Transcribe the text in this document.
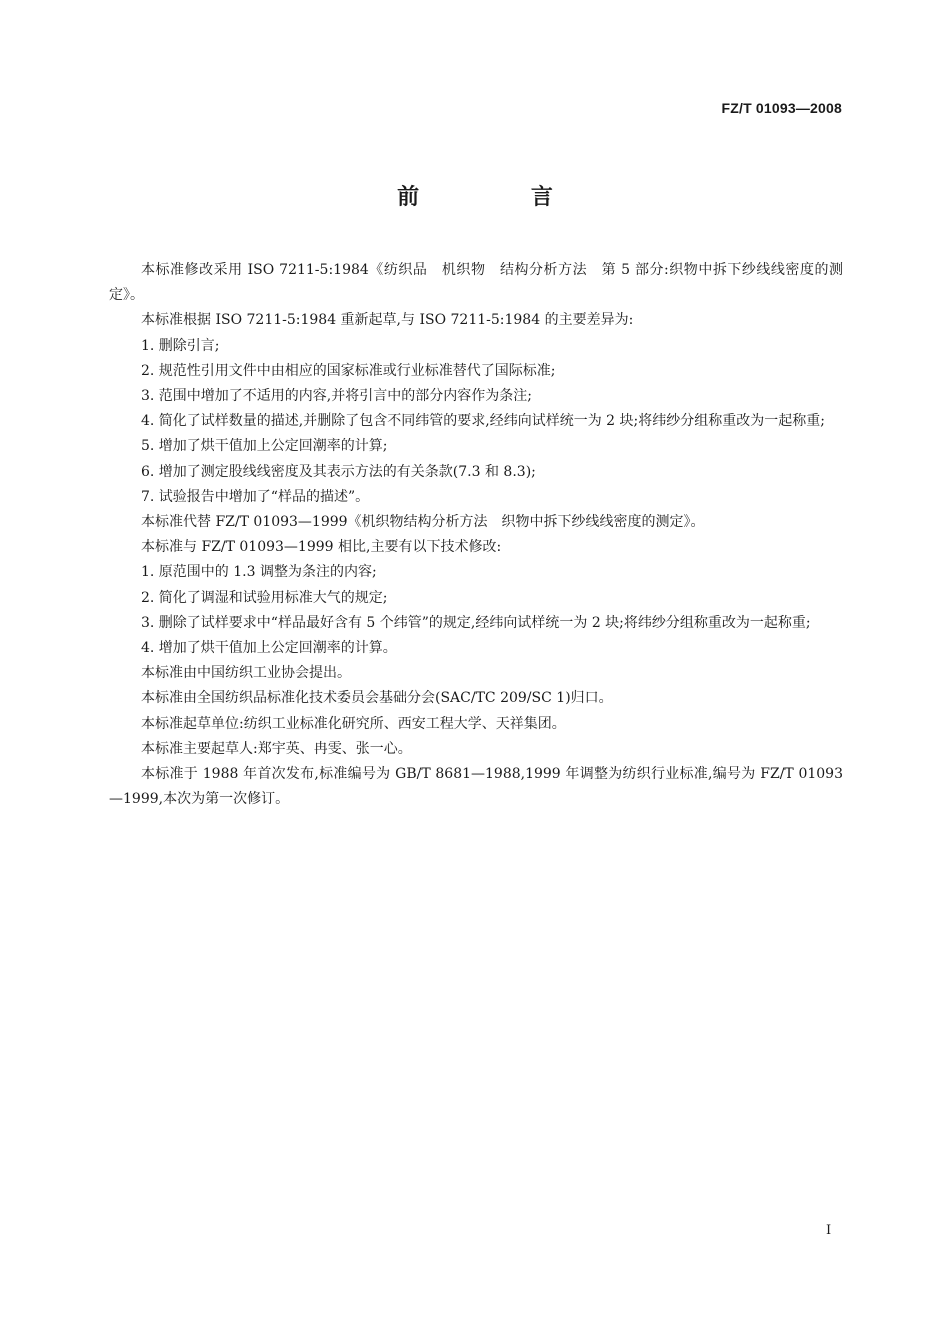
FZ/T 01093—2008
前 言

本标准修改采用 ISO 7211-5:1984《纺织品　机织物　结构分析方法　第 5 部分:织物中拆下纱线线密度的测定》。

本标准根据 ISO 7211-5:1984 重新起草,与 ISO 7211-5:1984 的主要差异为:

1. 删除引言;

2. 规范性引用文件中由相应的国家标准或行业标准替代了国际标准;

3. 范围中增加了不适用的内容,并将引言中的部分内容作为条注;

4. 简化了试样数量的描述,并删除了包含不同纬管的要求,经纬向试样统一为 2 块;将纬纱分组称重改为一起称重;

5. 增加了烘干值加上公定回潮率的计算;

6. 增加了测定股线线密度及其表示方法的有关条款(7.3 和 8.3);

7. 试验报告中增加了“样品的描述”。

本标准代替 FZ/T 01093—1999《机织物结构分析方法　织物中拆下纱线线密度的测定》。

本标准与 FZ/T 01093—1999 相比,主要有以下技术修改:

1. 原范围中的 1.3 调整为条注的内容;

2. 简化了调湿和试验用标准大气的规定;

3. 删除了试样要求中“样品最好含有 5 个纬管”的规定,经纬向试样统一为 2 块;将纬纱分组称重改为一起称重;

4. 增加了烘干值加上公定回潮率的计算。

本标准由中国纺织工业协会提出。

本标准由全国纺织品标准化技术委员会基础分会(SAC/TC 209/SC 1)归口。

本标准起草单位:纺织工业标准化研究所、西安工程大学、天祥集团。

本标准主要起草人:郑宇英、冉雯、张一心。

本标准于 1988 年首次发布,标准编号为 GB/T 8681—1988,1999 年调整为纺织行业标准,编号为 FZ/T 01093—1999,本次为第一次修订。

I
